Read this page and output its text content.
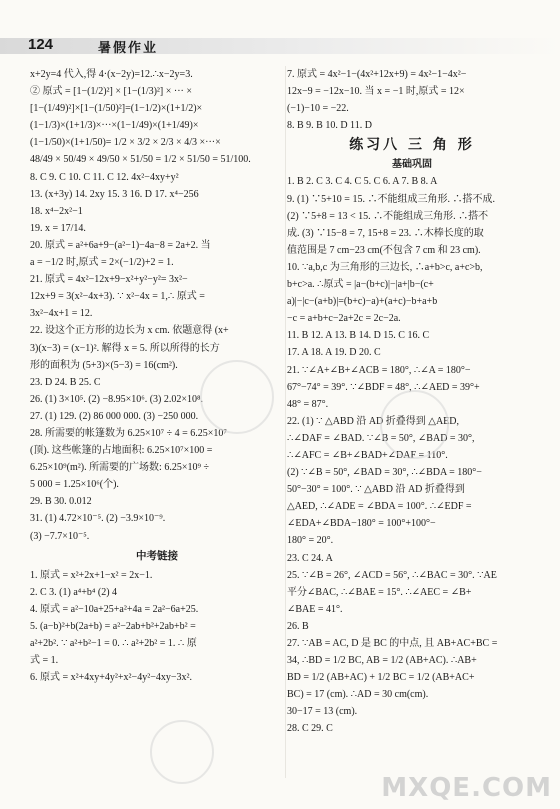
124	暑假作业
x+2y=4 代入,得 4·(x−2y)=12.∴x−2y=3.
② 原式 = [1−(1/2)²] × [1−(1/3)²] × ··· ×
[1−(1/49)²]×[1−(1/50)²]=(1−1/2)×(1+1/2)×
(1−1/3)×(1+1/3)×···×(1−1/49)×(1+1/49)×
(1−1/50)×(1+1/50)= 1/2 × 3/2 × 2/3 × 4/3 ×···×
48/49 × 50/49 × 49/50 × 51/50 = 1/2 × 51/50 = 51/100.
8. C 9. C 10. C 11. C 12. 4x²−4xy+y²
13. (x+3y) 14. 2xy 15. 3 16. D 17. x⁴−256
18. x⁴−2x²−1
19. x = 17/14.
20. 原式 = a²+6a+9−(a²−1)−4a−8 = 2a+2. 当
a = −1/2 时,原式 = 2×(−1/2)+2 = 1.
21. 原式 = 4x²−12x+9−x²+y²−y²= 3x²−
12x+9 = 3(x²−4x+3). ∵ x²−4x = 1,∴ 原式 =
3x²−4x+1 = 12.
22. 设这个正方形的边长为 x cm. 依题意得 (x+
3)(x−3) = (x−1)². 解得 x = 5. 所以所得的长方
形的面积为 (5+3)×(5−3) = 16(cm²).
23. D 24. B 25. C
26. (1) 3×10⁵. (2) −8.95×10⁶. (3) 2.02×10⁸.
27. (1) 129. (2) 86 000 000. (3) −250 000.
28. 所需要的帐篷数为 6.25×10⁷ ÷ 4 = 6.25×10⁷
(顶). 这些帐篷的占地面积: 6.25×10⁷×100 =
6.25×10⁹(m²). 所需要的广场数: 6.25×10⁹ ÷
5 000 = 1.25×10⁶(个).
29. B 30. 0.012
31. (1) 4.72×10⁻⁵. (2) −3.9×10⁻⁹.
(3) −7.7×10⁻⁵.
中考链接
1. 原式 = x²+2x+1−x² = 2x−1.
2. C 3. (1) a⁴+b⁴ (2) 4
4. 原式 = a²−10a+25+a²+4a = 2a²−6a+25.
5. (a−b)²+b(2a+b) = a²−2ab+b²+2ab+b² =
a²+2b². ∵ a²+b²−1 = 0. ∴ a²+2b² = 1. ∴ 原
式 = 1.
6. 原式 = x²+4xy+4y²+x²−4y²−4xy−3x².
7. 原式 = 4x²−1−(4x²+12x+9) = 4x²−1−4x²−
12x−9 = −12x−10. 当 x = −1 时,原式 = 12×
(−1)−10 = −22.
8. B 9. B 10. D 11. D
练习八 三 角 形
基础巩固
1. B 2. C 3. C 4. C 5. C 6. A 7. B 8. A
9. (1) ∵5+10 = 15. ∴不能组成三角形. ∴搭不成.
(2) ∵5+8 = 13 < 15. ∴不能组成三角形. ∴搭不
成. (3) ∵15−8 = 7, 15+8 = 23. ∴木棒长度的取
值范围是 7 cm−23 cm(不包含 7 cm 和 23 cm).
10. ∵a,b,c 为三角形的三边长, ∴a+b>c, a+c>b,
b+c>a. ∴原式 = |a−(b+c)|−|a+|b−(c+
a)|−|c−(a+b)|=(b+c)−a)+(a+c)−b+a+b
−c = a+b+c−2a+2c = 2c−2a.
11. B 12. A 13. B 14. D 15. C 16. C
17. A 18. A 19. D 20. C
21. ∵∠A+∠B+∠ACB = 180°, ∴∠A = 180°−
67°−74° = 39°. ∵∠BDF = 48°, ∴∠AED = 39°+
48° = 87°.
22. (1) ∵ △ABD 沿 AD 折叠得到 △AED,
∴∠DAF = ∠BAD. ∵∠B = 50°, ∠BAD = 30°,
∴∠AFC = ∠B+∠BAD+∠DAF = 110°.
(2) ∵∠B = 50°, ∠BAD = 30°, ∴∠BDA = 180°−
50°−30° = 100°. ∵ △ABD 沿 AD 折叠得到
△AED, ∴∠ADE = ∠BDA = 100°. ∴∠EDF =
∠EDA+∠BDA−180° = 100°+100°−
180° = 20°.
23. C 24. A
25. ∵∠B = 26°, ∠ACD = 56°, ∴∠BAC = 30°. ∵AE
平分∠BAC, ∴∠BAE = 15°. ∴∠AEC = ∠B+
∠BAE = 41°.
26. B
27. ∵AB = AC, D 是 BC 的中点, 且 AB+AC+BC =
34, ∴BD = 1/2 BC, AB = 1/2 (AB+AC). ∴AB+
BD = 1/2 (AB+AC) + 1/2 BC = 1/2 (AB+AC+
BC) = 17 (cm). ∴AD = 30 cm(cm).
30−17 = 13 (cm).
28. C 29. C
MXQE.COM
